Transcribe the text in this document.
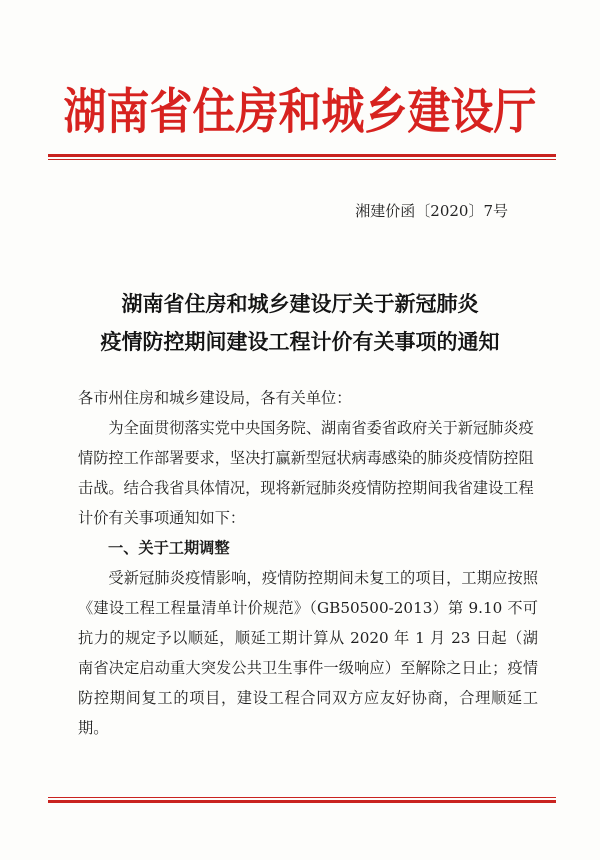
湖南省住房和城乡建设厅
湘建价函〔2020〕7号
湖南省住房和城乡建设厅关于新冠肺炎
疫情防控期间建设工程计价有关事项的通知
各市州住房和城乡建设局，各有关单位：
为全面贯彻落实党中央国务院、湖南省委省政府关于新冠肺炎疫情防控工作部署要求，坚决打赢新型冠状病毒感染的肺炎疫情防控阻击战。结合我省具体情况，现将新冠肺炎疫情防控期间我省建设工程计价有关事项通知如下：
一、关于工期调整
受新冠肺炎疫情影响，疫情防控期间未复工的项目，工期应按照《建设工程工程量清单计价规范》（GB50500-2013）第 9.10 不可抗力的规定予以顺延，顺延工期计算从 2020 年 1 月 23 日起（湖南省决定启动重大突发公共卫生事件一级响应）至解除之日止；疫情防控期间复工的项目，建设工程合同双方应友好协商，合理顺延工期。
